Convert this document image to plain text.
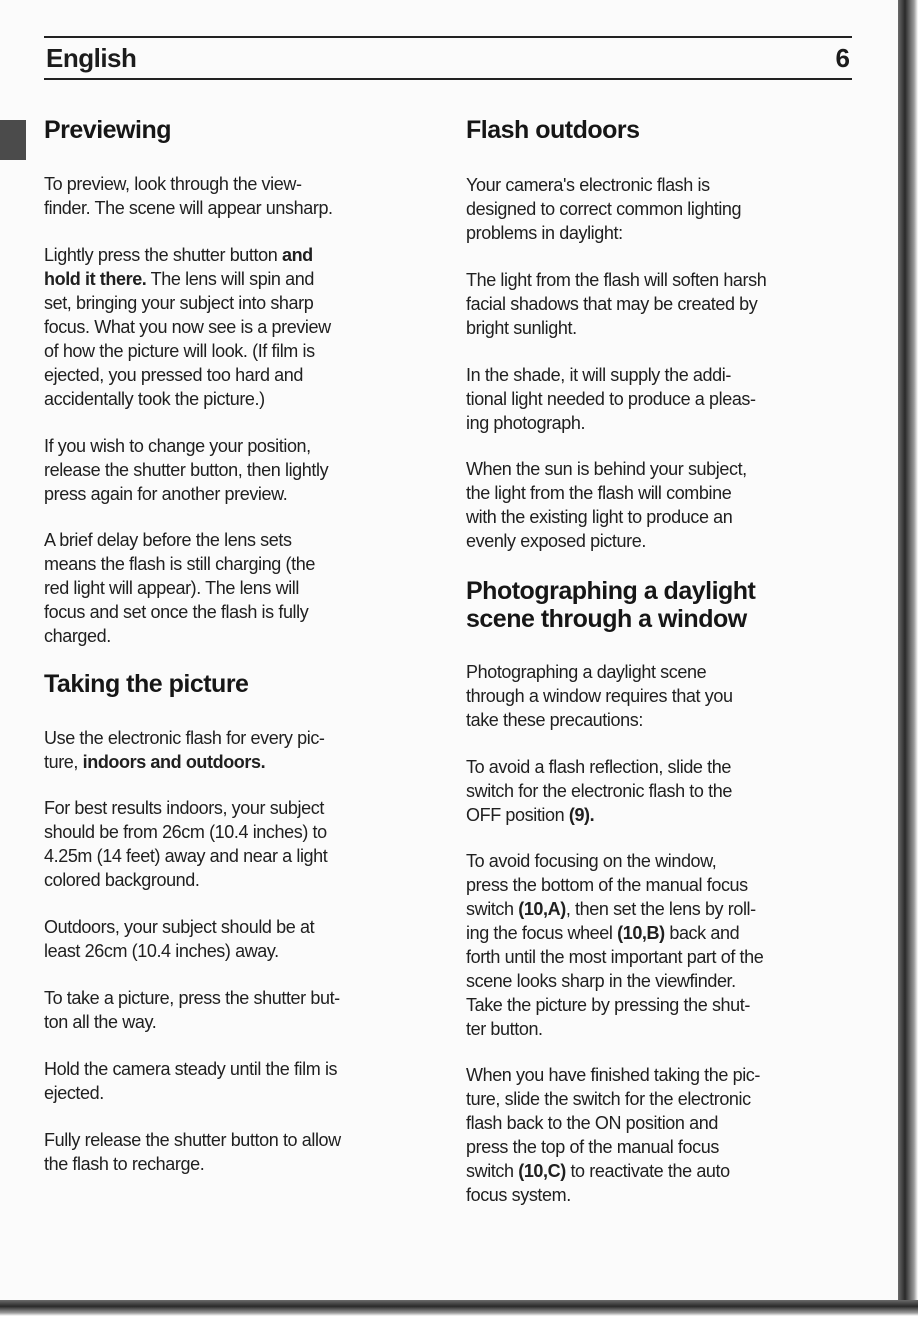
English	6
Previewing

To preview, look through the view-
finder. The scene will appear unsharp.

Lightly press the shutter button and
hold it there. The lens will spin and
set, bringing your subject into sharp
focus. What you now see is a preview
of how the picture will look. (If film is
ejected, you pressed too hard and
accidentally took the picture.)

If you wish to change your position,
release the shutter button, then lightly
press again for another preview.

A brief delay before the lens sets
means the flash is still charging (the
red light will appear). The lens will
focus and set once the flash is fully
charged.

Taking the picture

Use the electronic flash for every pic-
ture, indoors and outdoors.

For best results indoors, your subject
should be from 26cm (10.4 inches) to
4.25m (14 feet) away and near a light
colored background.

Outdoors, your subject should be at
least 26cm (10.4 inches) away.

To take a picture, press the shutter but-
ton all the way.

Hold the camera steady until the film is
ejected.

Fully release the shutter button to allow
the flash to recharge.

Flash outdoors

Your camera's electronic flash is
designed to correct common lighting
problems in daylight:

The light from the flash will soften harsh
facial shadows that may be created by
bright sunlight.

In the shade, it will supply the addi-
tional light needed to produce a pleas-
ing photograph.

When the sun is behind your subject,
the light from the flash will combine
with the existing light to produce an
evenly exposed picture.

Photographing a daylight
scene through a window

Photographing a daylight scene
through a window requires that you
take these precautions:

To avoid a flash reflection, slide the
switch for the electronic flash to the
OFF position (9).

To avoid focusing on the window,
press the bottom of the manual focus
switch (10,A), then set the lens by roll-
ing the focus wheel (10,B) back and
forth until the most important part of the
scene looks sharp in the viewfinder.
Take the picture by pressing the shut-
ter button.

When you have finished taking the pic-
ture, slide the switch for the electronic
flash back to the ON position and
press the top of the manual focus
switch (10,C) to reactivate the auto
focus system.
